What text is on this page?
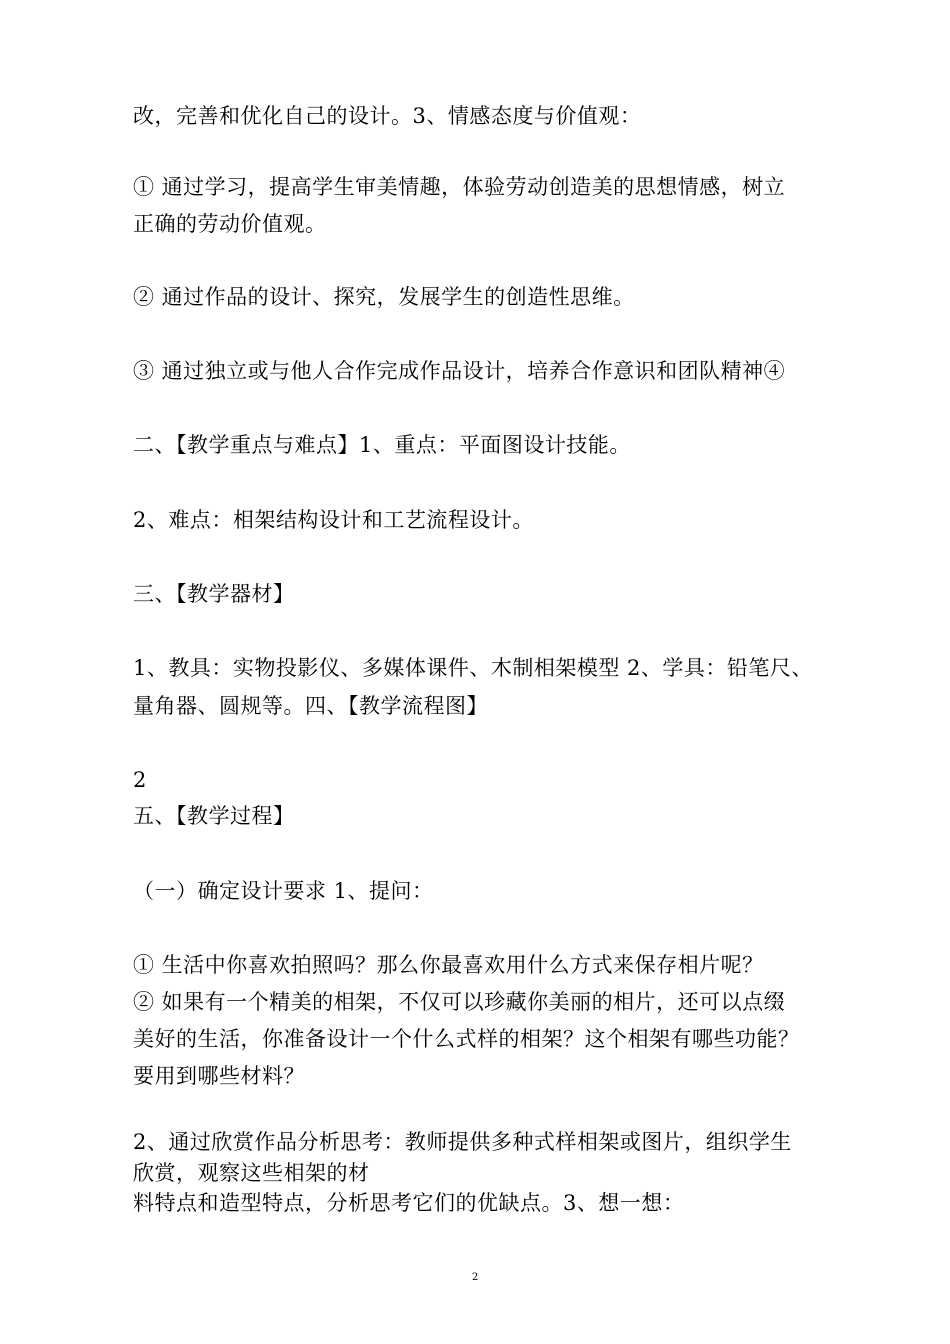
改，完善和优化自己的设计。3、情感态度与价值观：
① 通过学习，提高学生审美情趣，体验劳动创造美的思想情感，树立
正确的劳动价值观。
② 通过作品的设计、探究，发展学生的创造性思维。
③ 通过独立或与他人合作完成作品设计，培养合作意识和团队精神④
二、【教学重点与难点】1、重点：平面图设计技能。
2、难点：相架结构设计和工艺流程设计。
三、【教学器材】
1、教具：实物投影仪、多媒体课件、木制相架模型 2、学具：铅笔尺、
量角器、圆规等。四、【教学流程图】
2
五、【教学过程】
（一）确定设计要求 1、提问：
① 生活中你喜欢拍照吗？那么你最喜欢用什么方式来保存相片呢？
② 如果有一个精美的相架，不仅可以珍藏你美丽的相片，还可以点缀
美好的生活，你准备设计一个什么式样的相架？这个相架有哪些功能？
要用到哪些材料？
2、通过欣赏作品分析思考：教师提供多种式样相架或图片，组织学生
欣赏，观察这些相架的材
料特点和造型特点，分析思考它们的优缺点。3、想一想：
2
